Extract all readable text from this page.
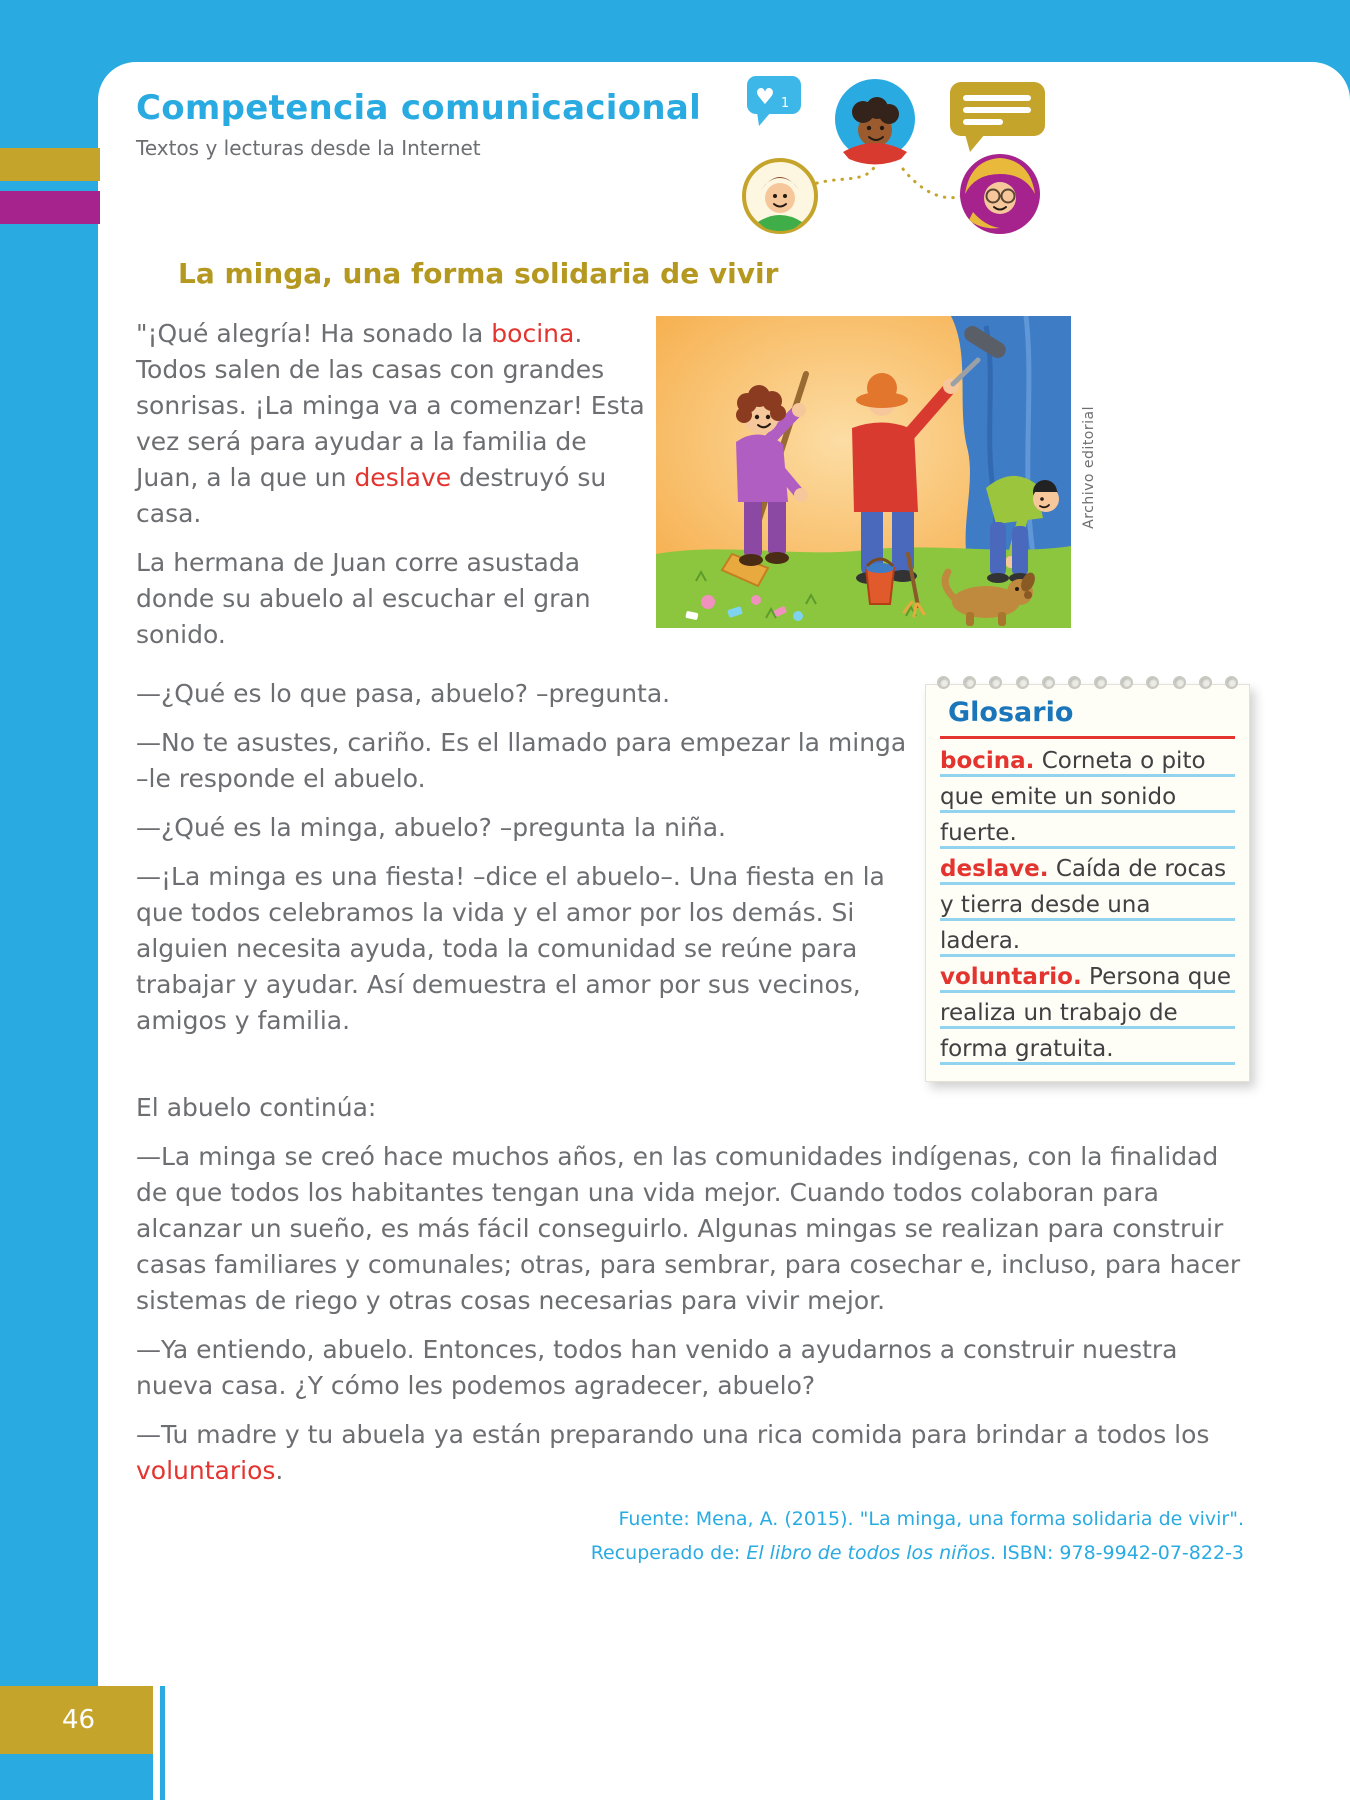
Competencia comunicacional
Textos y lecturas desde la Internet
♥ 1
La minga, una forma solidaria de vivir

"¡Qué alegría! Ha sonado la bocina. Todos salen de las casas con grandes sonrisas. ¡La minga va a comenzar! Esta vez será para ayudar a la familia de Juan, a la que un deslave destruyó su casa.

La hermana de Juan corre asustada donde su abuelo al escuchar el gran sonido.

Archivo editorial

—¿Qué es lo que pasa, abuelo? –pregunta.

—No te asustes, cariño. Es el llamado para empezar la minga –le responde el abuelo.

—¿Qué es la minga, abuelo? –pregunta la niña.

—¡La minga es una fiesta! –dice el abuelo–. Una fiesta en la que todos celebramos la vida y el amor por los demás. Si alguien necesita ayuda, toda la comunidad se reúne para trabajar y ayudar. Así demuestra el amor por sus vecinos, amigos y familia.

Glosario
bocina. Corneta o pito que emite un sonido fuerte.
deslave. Caída de rocas y tierra desde una ladera.
voluntario. Persona que realiza un trabajo de forma gratuita.

El abuelo continúa:

—La minga se creó hace muchos años, en las comunidades indígenas, con la finalidad de que todos los habitantes tengan una vida mejor. Cuando todos colaboran para alcanzar un sueño, es más fácil conseguirlo. Algunas mingas se realizan para construir casas familiares y comunales; otras, para sembrar, para cosechar e, incluso, para hacer sistemas de riego y otras cosas necesarias para vivir mejor.

—Ya entiendo, abuelo. Entonces, todos han venido a ayudarnos a construir nuestra nueva casa. ¿Y cómo les podemos agradecer, abuelo?

—Tu madre y tu abuela ya están preparando una rica comida para brindar a todos los voluntarios.

Fuente: Mena, A. (2015). "La minga, una forma solidaria de vivir".
Recuperado de: El libro de todos los niños. ISBN: 978-9942-07-822-3
46
